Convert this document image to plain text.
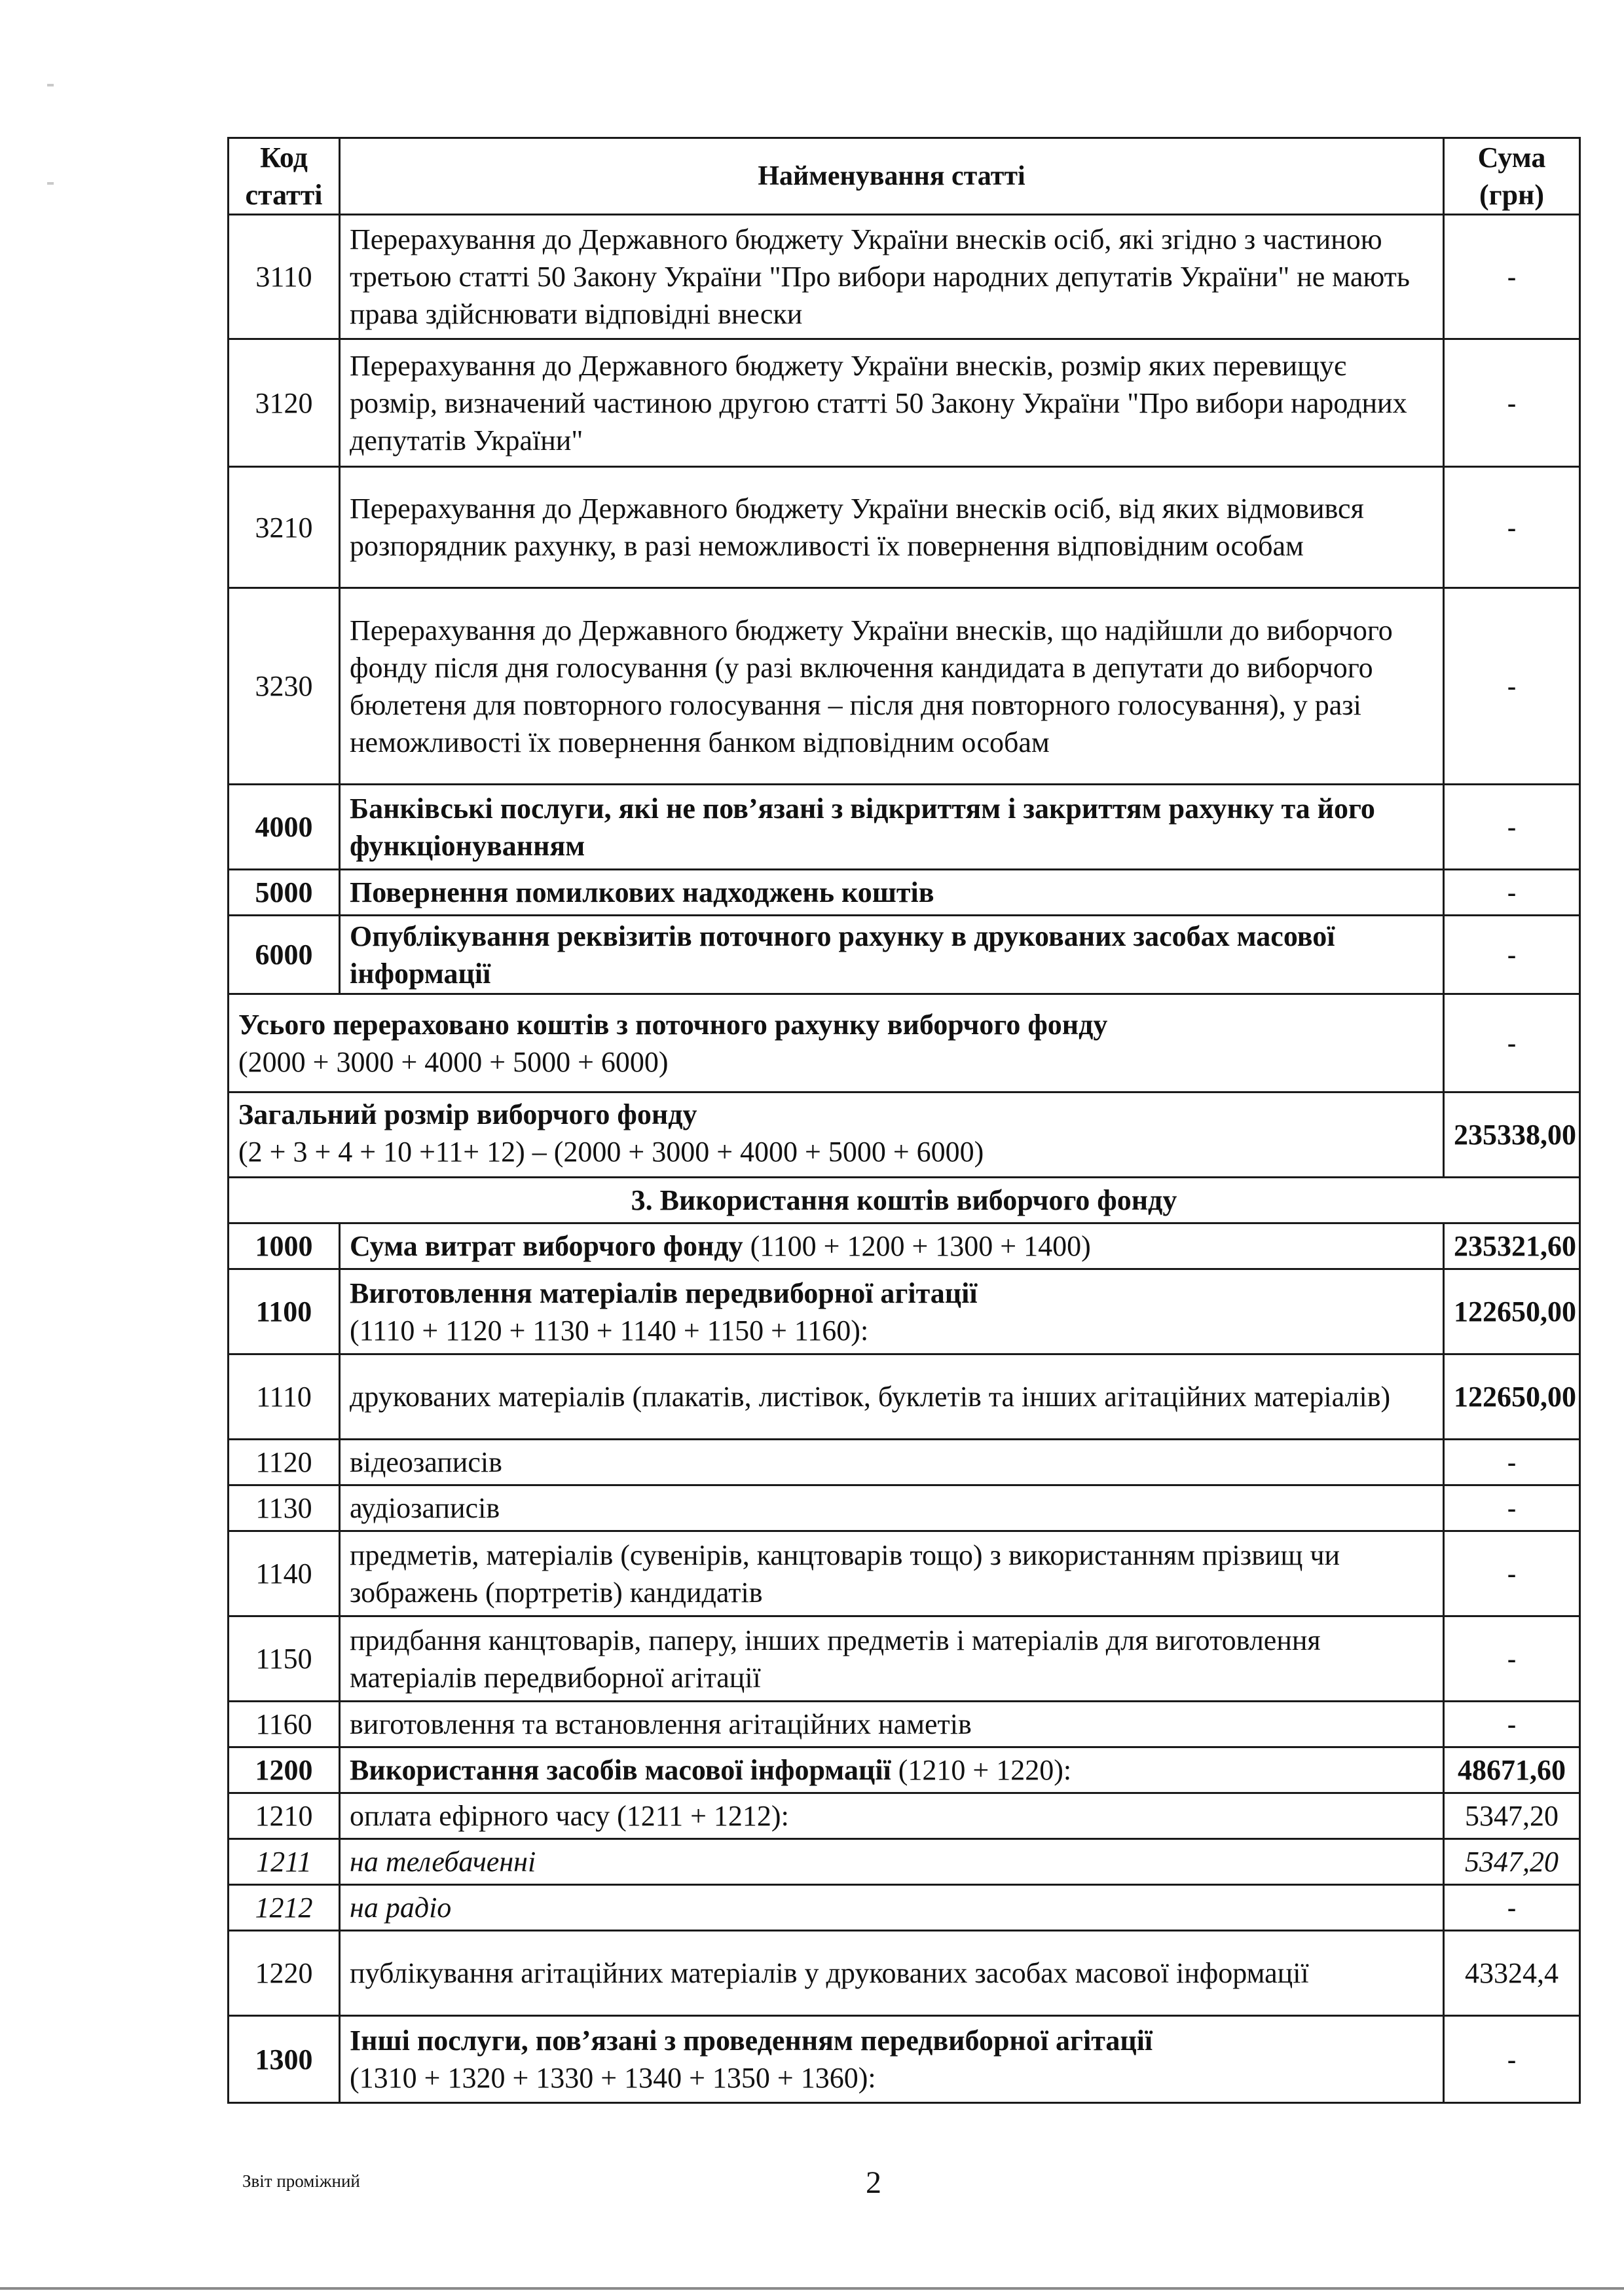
Код статті	Найменування статті	Сума (грн)
3110	Перерахування до Державного бюджету України внесків осіб, які згідно з частиною третьою статті 50 Закону України "Про вибори народних депутатів України" не мають права здійснювати відповідні внески	-
3120	Перерахування до Державного бюджету України внесків, розмір яких перевищує розмір, визначений частиною другою статті 50 Закону України "Про вибори народних депутатів України"	-
3210	Перерахування до Державного бюджету України внесків осіб, від яких відмовився розпорядник рахунку, в разі неможливості їх повернення відповідним особам	-
3230	Перерахування до Державного бюджету України внесків, що надійшли до виборчого фонду після дня голосування (у разі включення кандидата в депутати до виборчого бюлетеня для повторного голосування – після дня повторного голосування), у разі неможливості їх повернення банком відповідним особам	-
4000	Банківські послуги, які не пов’язані з відкриттям і закриттям рахунку та його функціонуванням	-
5000	Повернення помилкових надходжень коштів	-
6000	Опублікування реквізитів поточного рахунку в друкованих засобах масової інформації	-

Усього перераховано коштів з поточного рахунку виборчого фонду
(2000 + 3000 + 4000 + 5000 + 6000)		-

Загальний розмір виборчого фонду
(2 + 3 + 4 + 10 +11+ 12) – (2000 + 3000 + 4000 + 5000 + 6000)		235338,00
3. Використання коштів виборчого фонду		
1000	Сума витрат виборчого фонду (1100 + 1200 + 1300 + 1400)	235321,60
1100	Виготовлення матеріалів передвиборної агітації
(1110 + 1120 + 1130 + 1140 + 1150 + 1160):	122650,00
1110	друкованих матеріалів (плакатів, листівок, буклетів та інших агітаційних матеріалів)	122650,00
1120	відеозаписів	-
1130	аудіозаписів	-
1140	предметів, матеріалів (сувенірів, канцтоварів тощо) з використанням прізвищ чи зображень (портретів) кандидатів	-
1150	придбання канцтоварів, паперу, інших предметів і матеріалів для виготовлення матеріалів передвиборної агітації	-
1160	виготовлення та встановлення агітаційних наметів	-
1200	Використання засобів масової інформації (1210 + 1220):	48671,60
1210	оплата ефірного часу (1211 + 1212):	5347,20
1211	на телебаченні	5347,20
1212	на радіо	-
1220	публікування агітаційних матеріалів у друкованих засобах масової інформації	43324,4
1300	Інші послуги, пов’язані з проведенням передвиборної агітації
(1310 + 1320 + 1330 + 1340 + 1350 + 1360):	-
Звіт проміжний	2
